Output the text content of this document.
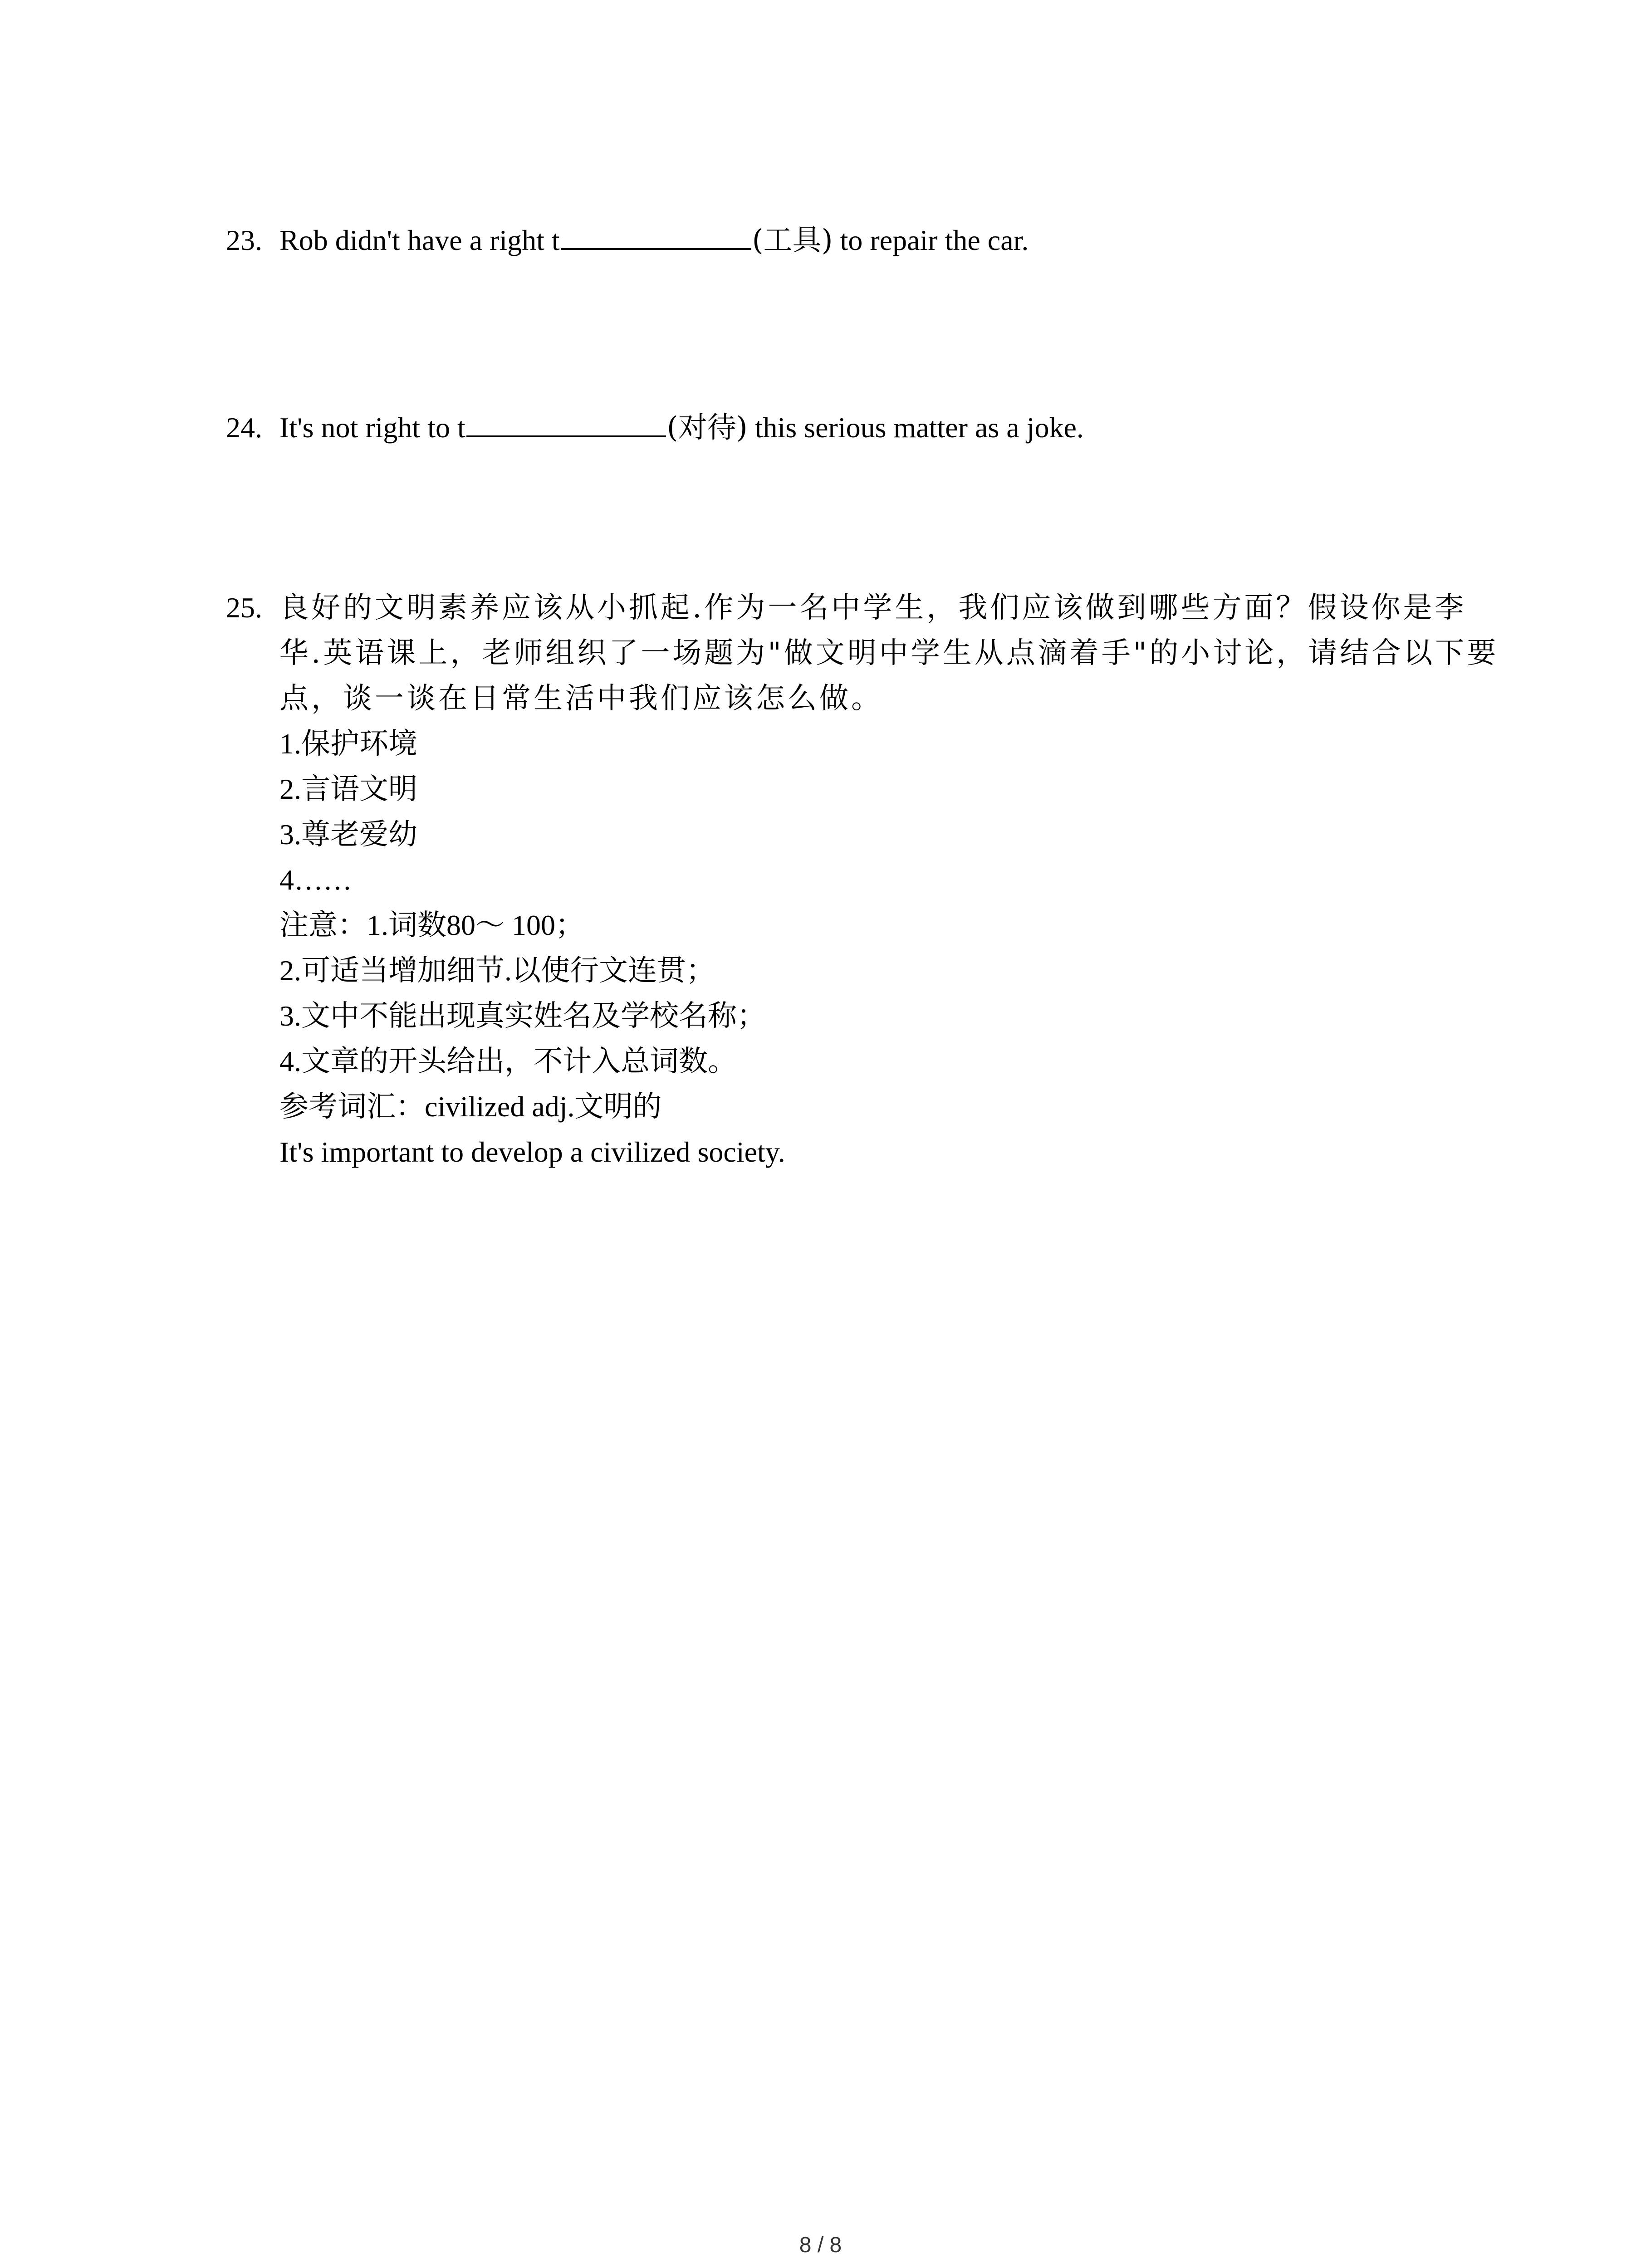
23. Rob didn't have a right t	(工具) to repair the car.
24. It's not right to t	(对待) this serious matter as a joke.
25. 良好的文明素养应该从小抓起.作为一名中学生，我们应该做到哪些方面？假设你是李
华.英语课上，老师组织了一场题为"做文明中学生从点滴着手"的小讨论，请结合以下要
点，谈一谈在日常生活中我们应该怎么做。
1.保护环境
2.言语文明
3.尊老爱幼
4……
注意：1.词数80～ 100；
2.可适当增加细节.以使行文连贯；
3.文中不能出现真实姓名及学校名称；
4.文章的开头给出，不计入总词数。
参考词汇：civilized adj.文明的
It's important to develop a civilized society.
8 / 8
